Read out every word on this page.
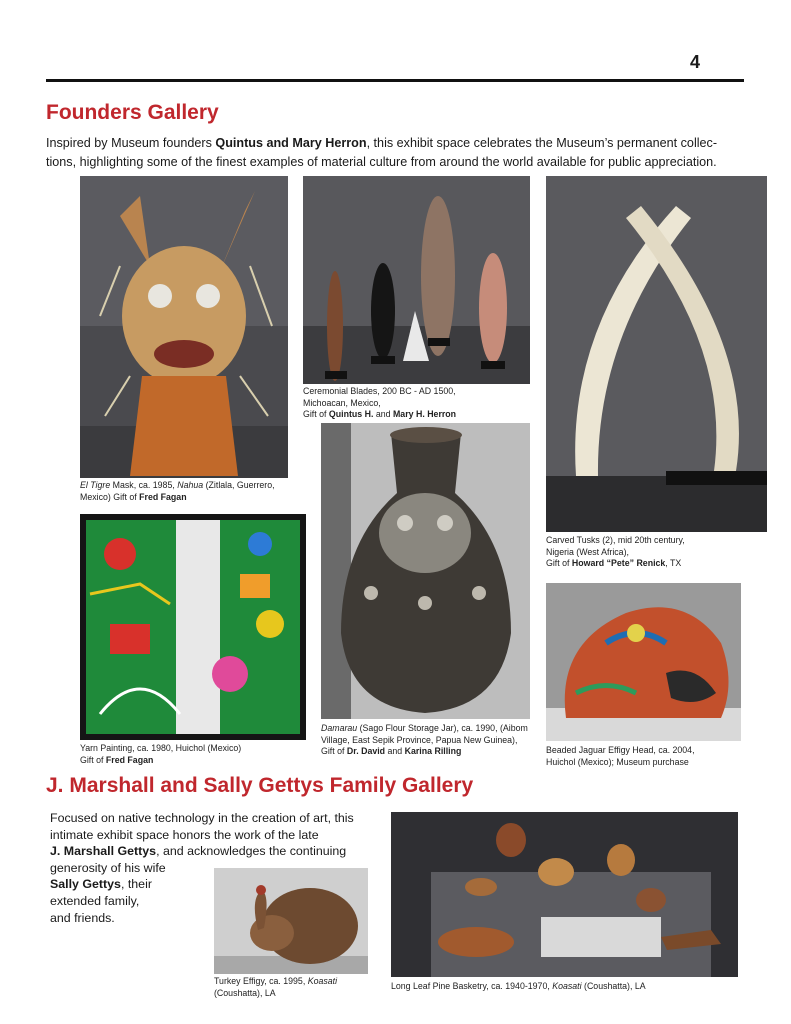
4
Founders Gallery
Inspired by Museum founders Quintus and Mary Herron, this exhibit space celebrates the Museum’s permanent collec-tions, highlighting some of the finest examples of material culture from around the world available for public appreciation.
El Tigre Mask, ca. 1985, Nahua (Zitlala, Guerrero, Mexico) Gift of Fred Fagan
Ceremonial Blades, 200 BC - AD 1500,
Michoacan, Mexico,
Gift of Quintus H. and Mary H. Herron
Carved Tusks (2), mid 20th century,
Nigeria (West Africa),
Gift of Howard “Pete” Renick, TX
Yarn Painting, ca. 1980, Huichol (Mexico)
Gift of Fred Fagan
Damarau (Sago Flour Storage Jar), ca. 1990, (Aibom Village, East Sepik Province, Papua New Guinea),
Gift of Dr. David and Karina Rilling	Beaded Jaguar Effigy Head, ca. 2004,
Huichol (Mexico); Museum purchase
J. Marshall and Sally Gettys Family Gallery
Focused on native technology in the creation of art, this
intimate exhibit space honors the work of the late
J. Marshall Gettys, and acknowledges the continuing
generosity of his wife
Sally Gettys, their
extended family,
and friends.
Turkey Effigy, ca. 1995, Koasati (Coushatta), LA
Long Leaf Pine Basketry, ca. 1940-1970, Koasati (Coushatta), LA
